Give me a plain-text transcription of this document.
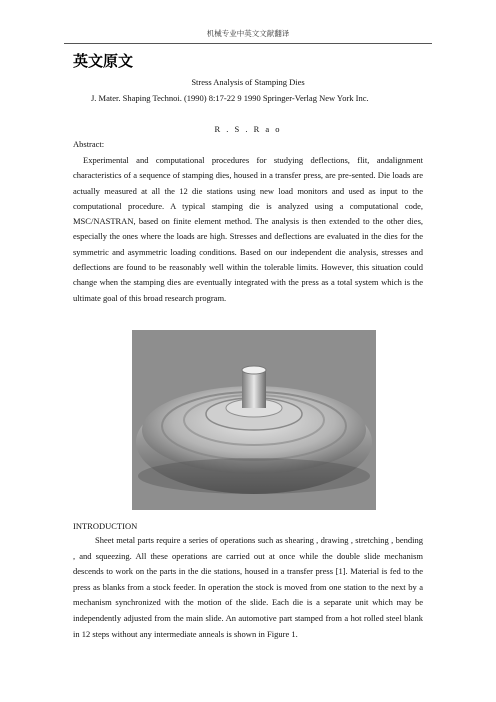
机械专业中英文文献翻译
英文原文
Stress Analysis of Stamping Dies
J. Mater. Shaping Technoi. (1990) 8:17-22 9 1990 Springer-Verlag New York Inc.
R . S . R a o
Abstract:
Experimental and computational procedures for studying deflections, flit, andalignment characteristics of a sequence of stamping dies, housed in a transfer press, are pre-sented. Die loads are actually measured at all the 12 die stations using new load monitors and used as input to the computational procedure. A typical stamping die is analyzed using a computational code, MSC/NASTRAN, based on finite element method. The analysis is then extended to the other dies, especially the ones where the loads are high. Stresses and deflections are evaluated in the dies for the symmetric and asymmetric loading conditions. Based on our independent die analysis, stresses and deflections are found to be reasonably well within the tolerable limits. However, this situation could change when the stamping dies are eventually integrated with the press as a total system which is the ultimate goal of this broad research program.
INTRODUCTION
Sheet metal parts require a series of operations such as shearing , drawing , stretching , bending , and squeezing. All these operations are carried out at once while the double slide mechanism descends to work on the parts in the die stations, housed in a transfer press [1]. Material is fed to the press as blanks from a stock feeder. In operation the stock is moved from one station to the next by a mechanism synchronized with the motion of the slide. Each die is a separate unit which may be independently adjusted from the main slide. An automotive part stamped from a hot rolled steel blank in 12 steps without any intermediate anneals is shown in Figure 1.
